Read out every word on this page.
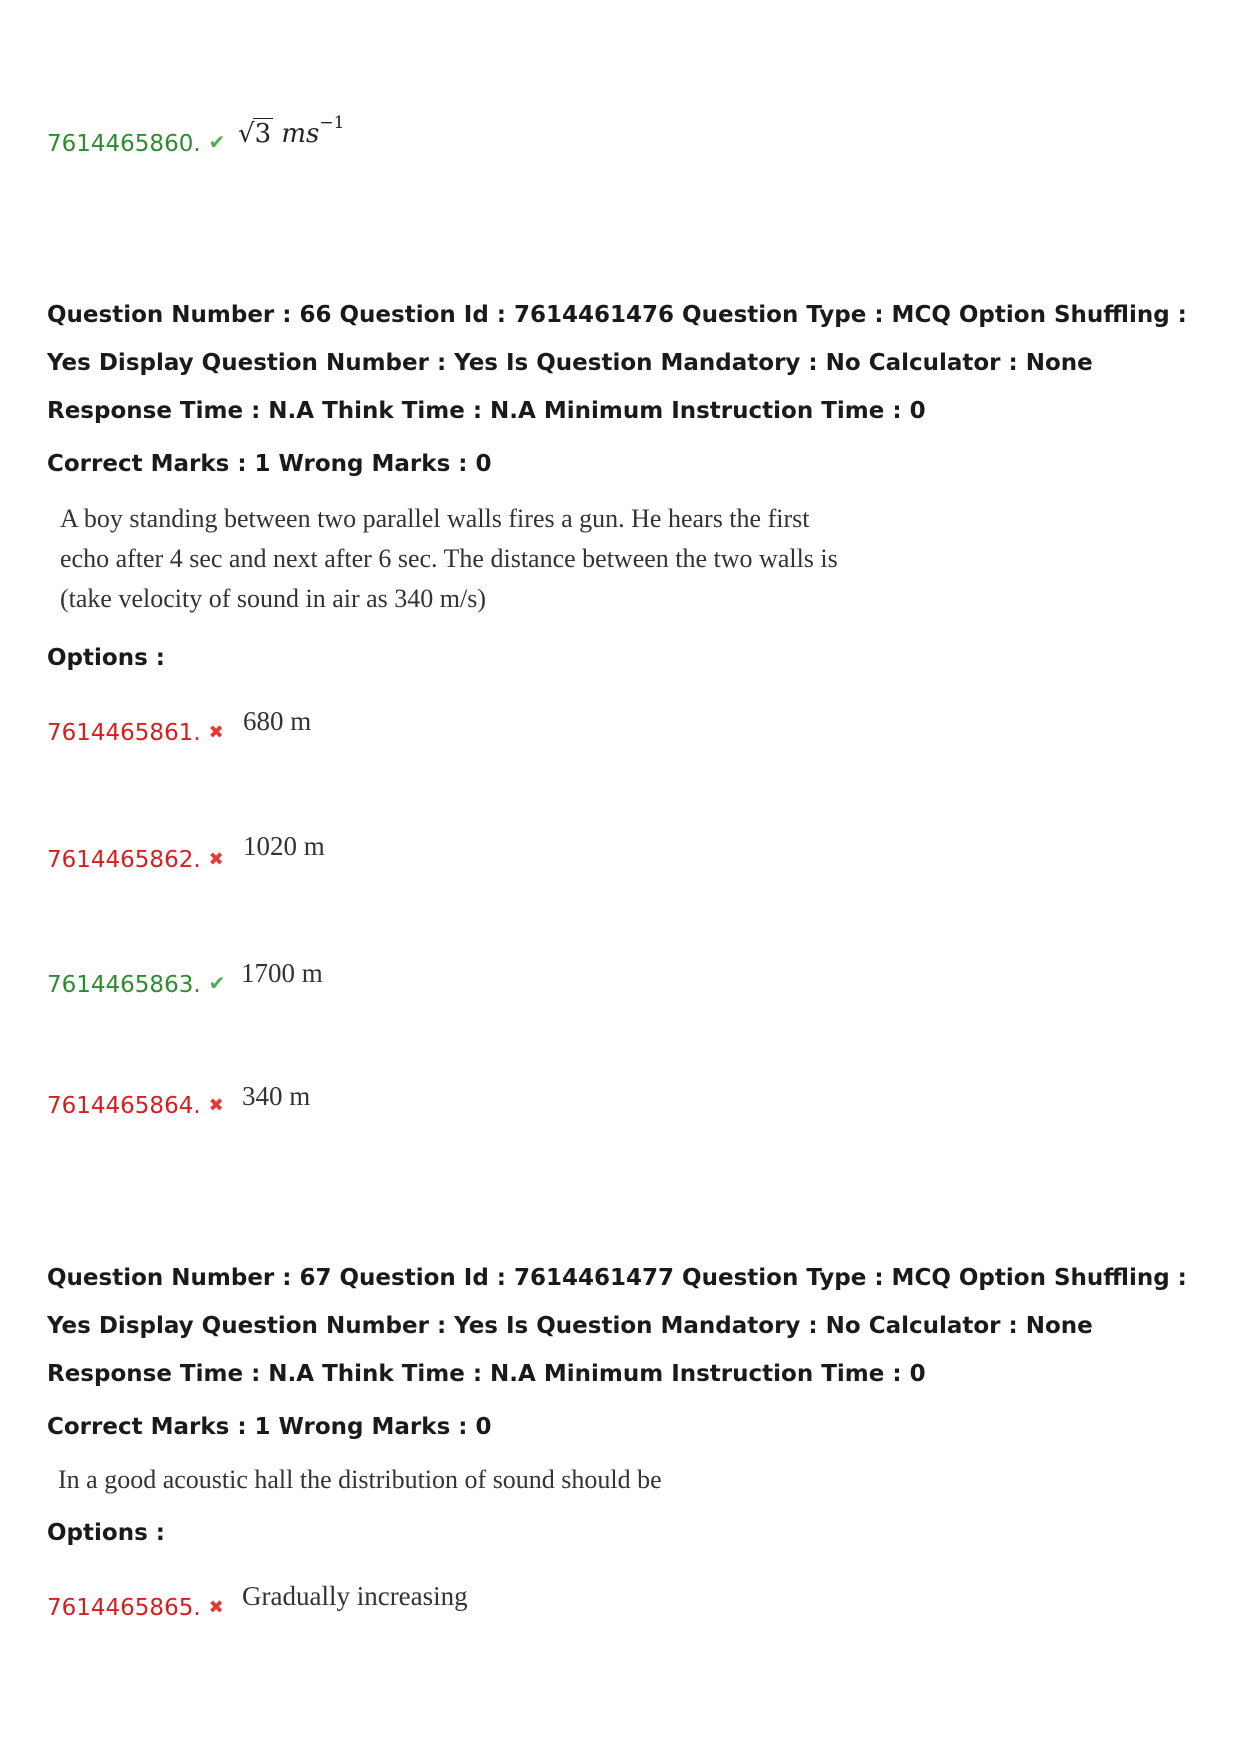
7614465860. ✔ √3 $ms^{-1}$
Question Number : 66 Question Id : 7614461476 Question Type : MCQ Option Shuffling : Yes Display Question Number : Yes Is Question Mandatory : No Calculator : None Response Time : N.A Think Time : N.A Minimum Instruction Time : 0
Correct Marks : 1 Wrong Marks : 0
A boy standing between two parallel walls fires a gun. He hears the first
echo after 4 sec and next after 6 sec. The distance between the two walls is
(take velocity of sound in air as 340 m/s)
Options :
7614465861. ✖ 680 m
7614465862. ✖ 1020 m
7614465863. ✔ 1700 m
7614465864. ✖ 340 m
Question Number : 67 Question Id : 7614461477 Question Type : MCQ Option Shuffling : Yes Display Question Number : Yes Is Question Mandatory : No Calculator : None Response Time : N.A Think Time : N.A Minimum Instruction Time : 0
Correct Marks : 1 Wrong Marks : 0
In a good acoustic hall the distribution of sound should be
Options :
7614465865. ✖ Gradually increasing
